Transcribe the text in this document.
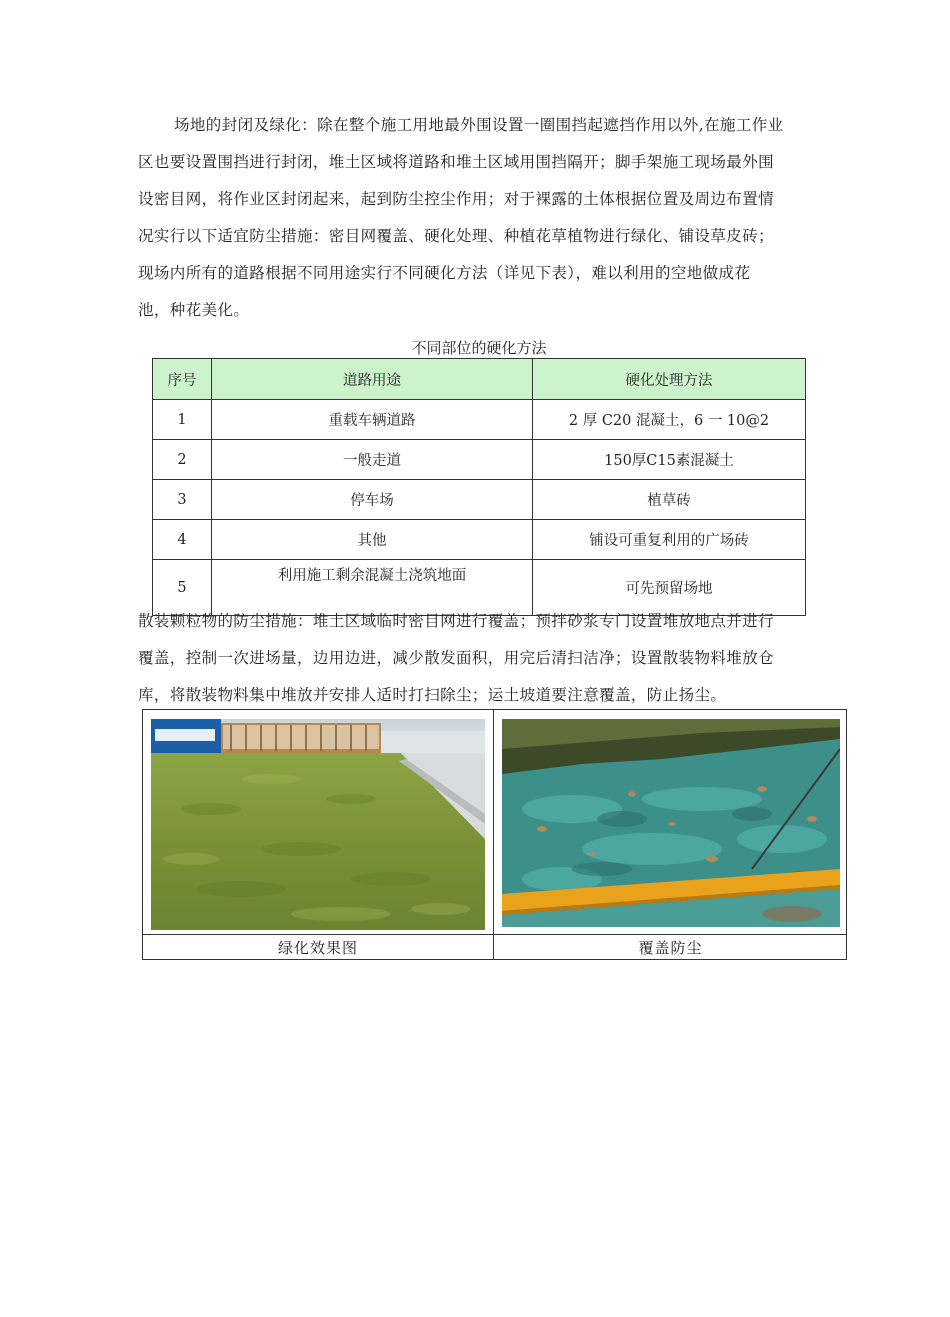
场地的封闭及绿化：除在整个施工用地最外围设置一圈围挡起遮挡作用以外,在施工作业
区也要设置围挡进行封闭，堆土区域将道路和堆土区域用围挡隔开；脚手架施工现场最外围
设密目网，将作业区封闭起来，起到防尘控尘作用；对于裸露的土体根据位置及周边布置情
况实行以下适宜防尘措施：密目网覆盖、硬化处理、种植花草植物进行绿化、铺设草皮砖；
现场内所有的道路根据不同用途实行不同硬化方法（详见下表），难以利用的空地做成花
池，种花美化。
不同部位的硬化方法
序号	道路用途	硬化处理方法
1	重载车辆道路	2 厚 C20 混凝土，6 一 10@2
2	一般走道	150厚C15素混凝土
3	停车场	植草砖
4	其他	铺设可重复利用的广场砖
5	利用施工剩余混凝土浇筑地面	可先预留场地
散装颗粒物的防尘措施：堆土区域临时密目网进行覆盖；预拌砂浆专门设置堆放地点并进行
覆盖，控制一次进场量，边用边进，减少散发面积，用完后清扫洁净；设置散装物料堆放仓
库，将散装物料集中堆放并安排人适时打扫除尘；运土坡道要注意覆盖，防止扬尘。
绿化效果图	覆盖防尘
